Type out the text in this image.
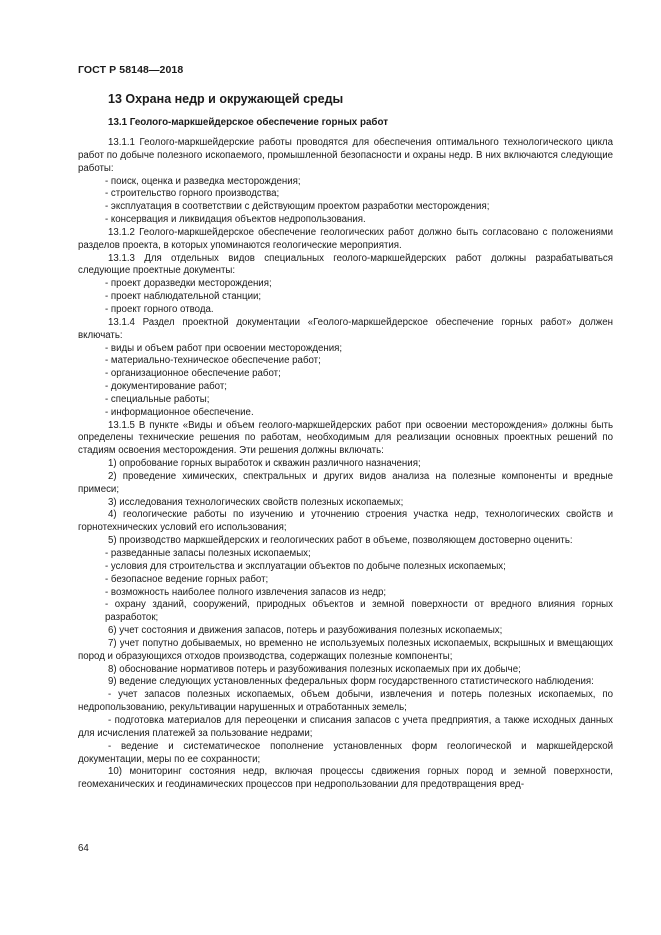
ГОСТ Р 58148—2018
13 Охрана недр и окружающей среды
13.1 Геолого-маркшейдерское обеспечение горных работ

13.1.1 Геолого-маркшейдерские работы проводятся для обеспечения оптимального технологического цикла работ по добыче полезного ископаемого, промышленной безопасности и охраны недр. В них включаются следующие работы:

- поиск, оценка и разведка месторождения;

- строительство горного производства;

- эксплуатация в соответствии с действующим проектом разработки месторождения;

- консервация и ликвидация объектов недропользования.

13.1.2 Геолого-маркшейдерское обеспечение геологических работ должно быть согласовано с положениями разделов проекта, в которых упоминаются геологические мероприятия.

13.1.3 Для отдельных видов специальных геолого-маркшейдерских работ должны разрабатываться следующие проектные документы:

- проект доразведки месторождения;

- проект наблюдательной станции;

- проект горного отвода.

13.1.4 Раздел проектной документации «Геолого-маркшейдерское обеспечение горных работ» должен включать:

- виды и объем работ при освоении месторождения;

- материально-техническое обеспечение работ;

- организационное обеспечение работ;

- документирование работ;

- специальные работы;

- информационное обеспечение.

13.1.5 В пункте «Виды и объем геолого-маркшейдерских работ при освоении месторождения» должны быть определены технические решения по работам, необходимым для реализации основных проектных решений по стадиям освоения месторождения. Эти решения должны включать:

1) опробование горных выработок и скважин различного назначения;

2) проведение химических, спектральных и других видов анализа на полезные компоненты и вредные примеси;

3) исследования технологических свойств полезных ископаемых;

4) геологические работы по изучению и уточнению строения участка недр, технологических свойств и горнотехнических условий его использования;

5) производство маркшейдерских и геологических работ в объеме, позволяющем достоверно оценить:

- разведанные запасы полезных ископаемых;

- условия для строительства и эксплуатации объектов по добыче полезных ископаемых;

- безопасное ведение горных работ;

- возможность наиболее полного извлечения запасов из недр;

- охрану зданий, сооружений, природных объектов и земной поверхности от вредного влияния горных разработок;

6) учет состояния и движения запасов, потерь и разубоживания полезных ископаемых;

7) учет попутно добываемых, но временно не используемых полезных ископаемых, вскрышных и вмещающих пород и образующихся отходов производства, содержащих полезные компоненты;

8) обоснование нормативов потерь и разубоживания полезных ископаемых при их добыче;

9) ведение следующих установленных федеральных форм государственного статистического наблюдения:

- учет запасов полезных ископаемых, объем добычи, извлечения и потерь полезных ископаемых, по недропользованию, рекультивации нарушенных и отработанных земель;

- подготовка материалов для переоценки и списания запасов с учета предприятия, а также исходных данных для исчисления платежей за пользование недрами;

- ведение и систематическое пополнение установленных форм геологической и маркшейдерской документации, меры по ее сохранности;

10) мониторинг состояния недр, включая процессы сдвижения горных пород и земной поверхности, геомеханических и геодинамических процессов при недропользовании для предотвращения вред-

64
